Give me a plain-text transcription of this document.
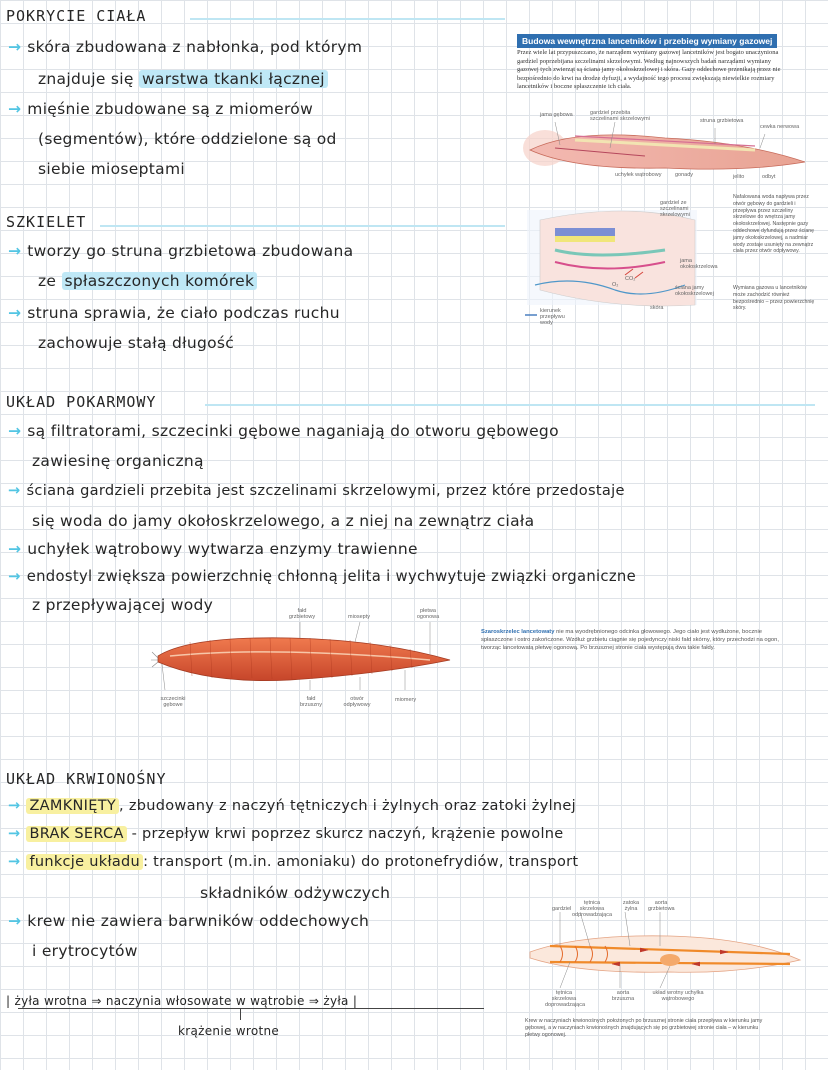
POKRYCIE CIAŁA
→ skóra zbudowana z nabłonka, pod którym
znajduje się warstwa tkanki łącznej
→ mięśnie zbudowane są z miomerów
(segmentów), które oddzielone są od
siebie mioseptami
SZKIELET
→ tworzy go struna grzbietowa zbudowana
ze spłaszczonych komórek
→ struna sprawia, że ciało podczas ruchu
zachowuje stałą długość
Budowa wewnętrzna lancetników i przebieg wymiany gazowej
Przez wiele lat przypuszczano, że narządem wymiany gazowej lancetników jest bogato unaczyniona gardziel poprzebijana szczelinami skrzelowymi. Według najnowszych badań narządami wymiany gazowej tych zwierząt są ściana jamy okołoskrzelowej i skóra. Gazy oddechowe przenikają przez nie bezpośrednio do krwi na drodze dyfuzji, a wydajność tego procesu zwiększają niewielkie rozmiary lancetników i boczne spłaszczenie ich ciała.
jama gębowa	gardziel przebita szczelinami skrzelowymi	struna grzbietowa
cewka nerwowa
uchyłek wątrobowy gonady	jelito	odbyt
gardziel ze szczelinami skrzelowymi
jama okołoskrzelowa
ściana jamy okołoskrzelowej
skóra
kierunek przepływu wody
O₂
CO₂
Nafalowana woda napływa przez otwór gębowy do gardzieli i przepływa przez szczeliny skrzelowe do wnętrza jamy okołoskrzelowej. Następnie gazy oddechowe dyfundują przez ścianę jamy okołoskrzelowej, a nadmiar wody zostaje usunięty na zewnątrz ciała przez otwór odpływowy.
Wymiana gazowa u lancetników może zachodzić również bezpośrednio – przez powierzchnię skóry.
UKŁAD POKARMOWY
→ są filtratorami, szczecinki gębowe naganiają do otworu gębowego
zawiesinę organiczną
→ ściana gardzieli przebita jest szczelinami skrzelowymi, przez które przedostaje
się woda do jamy okołoskrzelowego, a z niej na zewnątrz ciała
→ uchyłek wątrobowy wytwarza enzymy trawienne
→ endostyl zwiększa powierzchnię chłonną jelita i wychwytuje związki organiczne
z przepływającej wody	fałd grzbietowy	miosepty
płetwa ogonowa
szczecinki gębowe
fałd brzuszny
otwór odpływowy
miomery
Szaroskrzelec lancetowaty nie ma wyodrębnionego odcinka głowowego. Jego ciało jest wydłużone, bocznie spłaszczone i ostro zakończone. Wzdłuż grzbietu ciągnie się pojedynczy niski fałd skórny, który przechodzi na ogon, tworząc lancetowatą płetwę ogonową. Po brzusznej stronie ciała występują dwa takie fałdy.
UKŁAD KRWIONOŚNY
→ ZAMKNIĘTY , zbudowany z naczyń tętniczych i żylnych oraz zatoki żylnej
→ BRAK SERCA - przepływ krwi poprzez skurcz naczyń, krążenie powolne
→ funkcje układu : transport (m.in. amoniaku) do protonefrydiów, transport
składników odżywczych
→ krew nie zawiera barwników oddechowych
i erytrocytów
| żyła wrotna ⇒ naczynia włosowate w wątrobie ⇒ żyła |
krążenie wrotne
gardziel
tętnica skrzelowa odprowadzająca
zatoka żylna
aorta grzbietowa
tętnica skrzelowa doprowadzająca
aorta brzuszna
układ wrotny uchyłka wątrobowego
Krew w naczyniach krwionośnych położonych po brzusznej stronie ciała przepływa w kierunku jamy gębowej, a w naczyniach krwionośnych znajdujących się po grzbietowej stronie ciała – w kierunku płetwy ogonowej.
